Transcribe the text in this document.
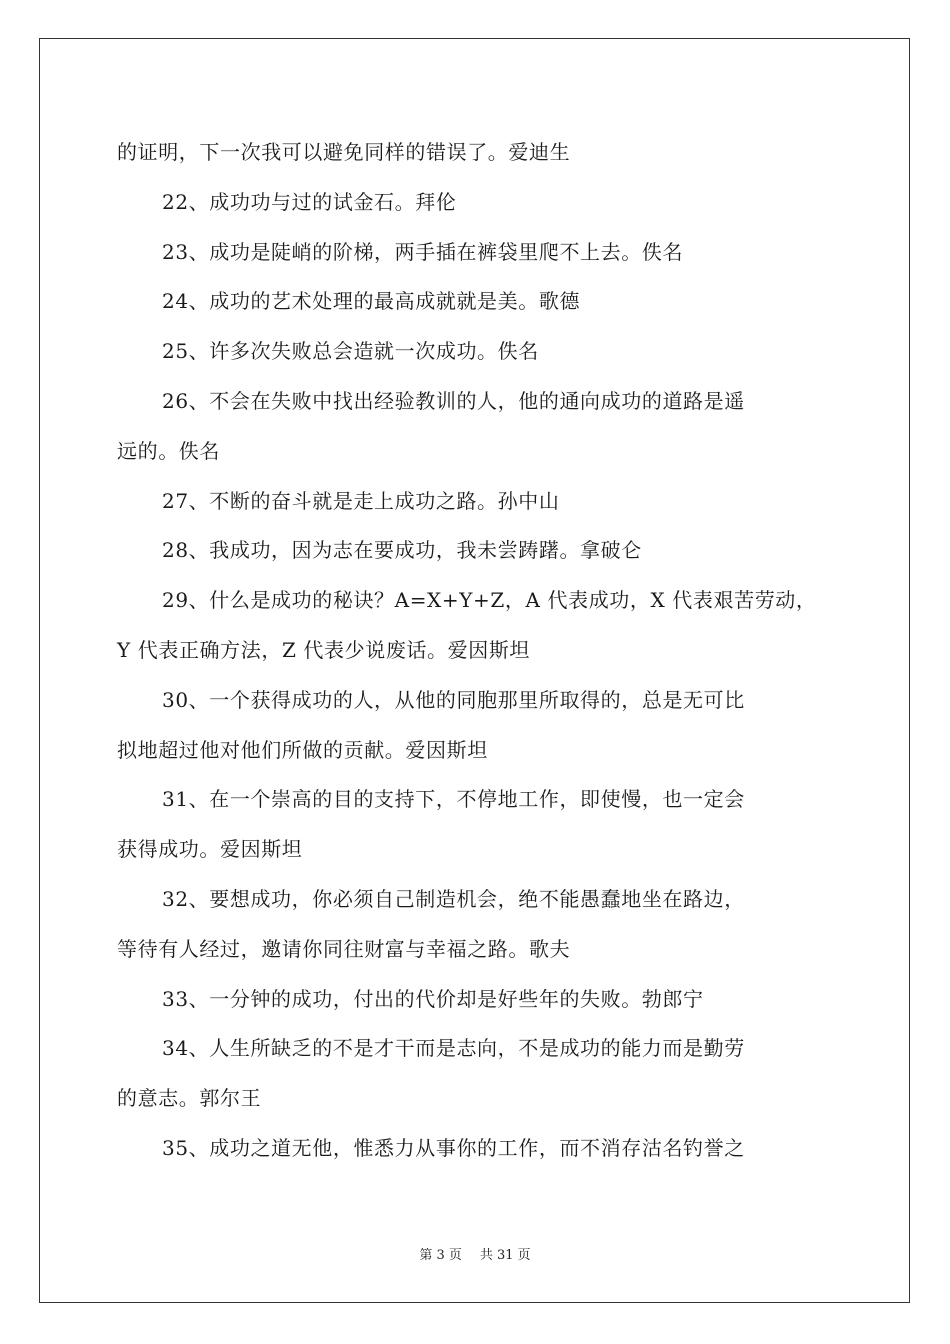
的证明，下一次我可以避免同样的错误了。爱迪生
22、成功功与过的试金石。拜伦
23、成功是陡峭的阶梯，两手插在裤袋里爬不上去。佚名
24、成功的艺术处理的最高成就就是美。歌德
25、许多次失败总会造就一次成功。佚名
26、不会在失败中找出经验教训的人，他的通向成功的道路是遥
远的。佚名
27、不断的奋斗就是走上成功之路。孙中山
28、我成功，因为志在要成功，我未尝踌躇。拿破仑
29、什么是成功的秘诀？A=X+Y+Z，A 代表成功，X 代表艰苦劳动，
Y 代表正确方法，Z 代表少说废话。爱因斯坦
30、一个获得成功的人，从他的同胞那里所取得的，总是无可比
拟地超过他对他们所做的贡献。爱因斯坦
31、在一个崇高的目的支持下，不停地工作，即使慢，也一定会
获得成功。爱因斯坦
32、要想成功，你必须自己制造机会，绝不能愚蠢地坐在路边，
等待有人经过，邀请你同往财富与幸福之路。歌夫
33、一分钟的成功，付出的代价却是好些年的失败。勃郎宁
34、人生所缺乏的不是才干而是志向，不是成功的能力而是勤劳
的意志。郭尔王
35、成功之道无他，惟悉力从事你的工作，而不消存沽名钓誉之
第 3 页 共 31 页
